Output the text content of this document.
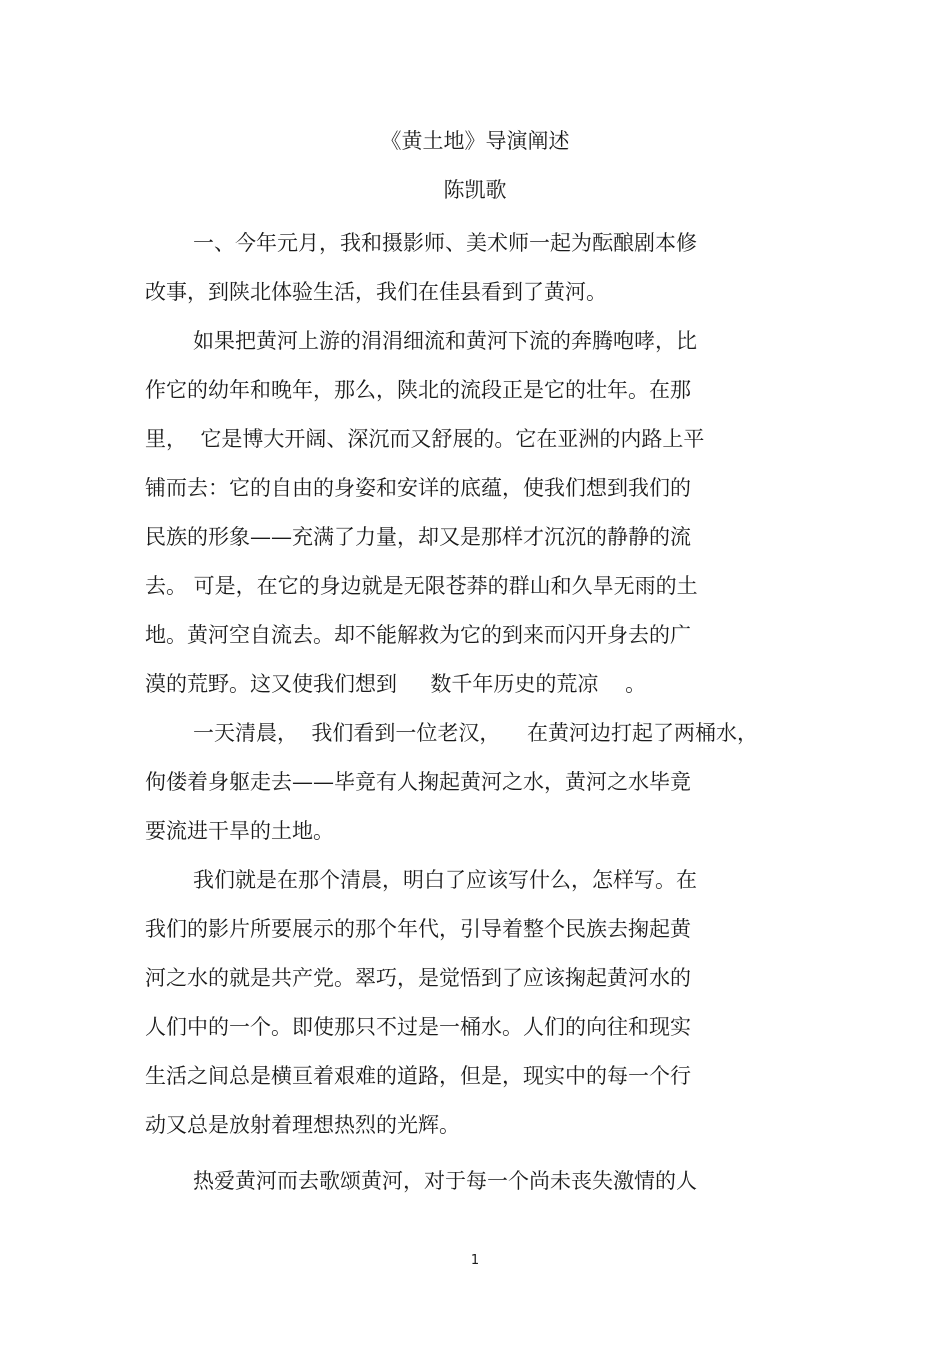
《黄土地》导演阐述
陈凯歌
一、今年元月，我和摄影师、美术师一起为酝酿剧本修
改事，到陕北体验生活，我们在佳县看到了黄河。
如果把黄河上游的涓涓细流和黄河下流的奔腾咆哮，比
作它的幼年和晚年，那么，陕北的流段正是它的壮年。在那
里，  它是博大开阔、深沉而又舒展的。它在亚洲的内路上平
铺而去：它的自由的身姿和安详的底蕴，使我们想到我们的
民族的形象——充满了力量，却又是那样才沉沉的静静的流
去。 可是，在它的身边就是无限苍莽的群山和久旱无雨的土
地。黄河空自流去。却不能解救为它的到来而闪开身去的广
漠的荒野。这又使我们想到     数千年历史的荒凉    。
一天清晨，  我们看到一位老汉，    在黄河边打起了两桶水，
佝偻着身躯走去——毕竟有人掬起黄河之水，黄河之水毕竟
要流进干旱的土地。
我们就是在那个清晨，明白了应该写什么，怎样写。在
我们的影片所要展示的那个年代，引导着整个民族去掬起黄
河之水的就是共产党。翠巧，是觉悟到了应该掬起黄河水的
人们中的一个。即使那只不过是一桶水。人们的向往和现实
生活之间总是横亘着艰难的道路，但是，现实中的每一个行
动又总是放射着理想热烈的光辉。
热爱黄河而去歌颂黄河，对于每一个尚未丧失激情的人
1
